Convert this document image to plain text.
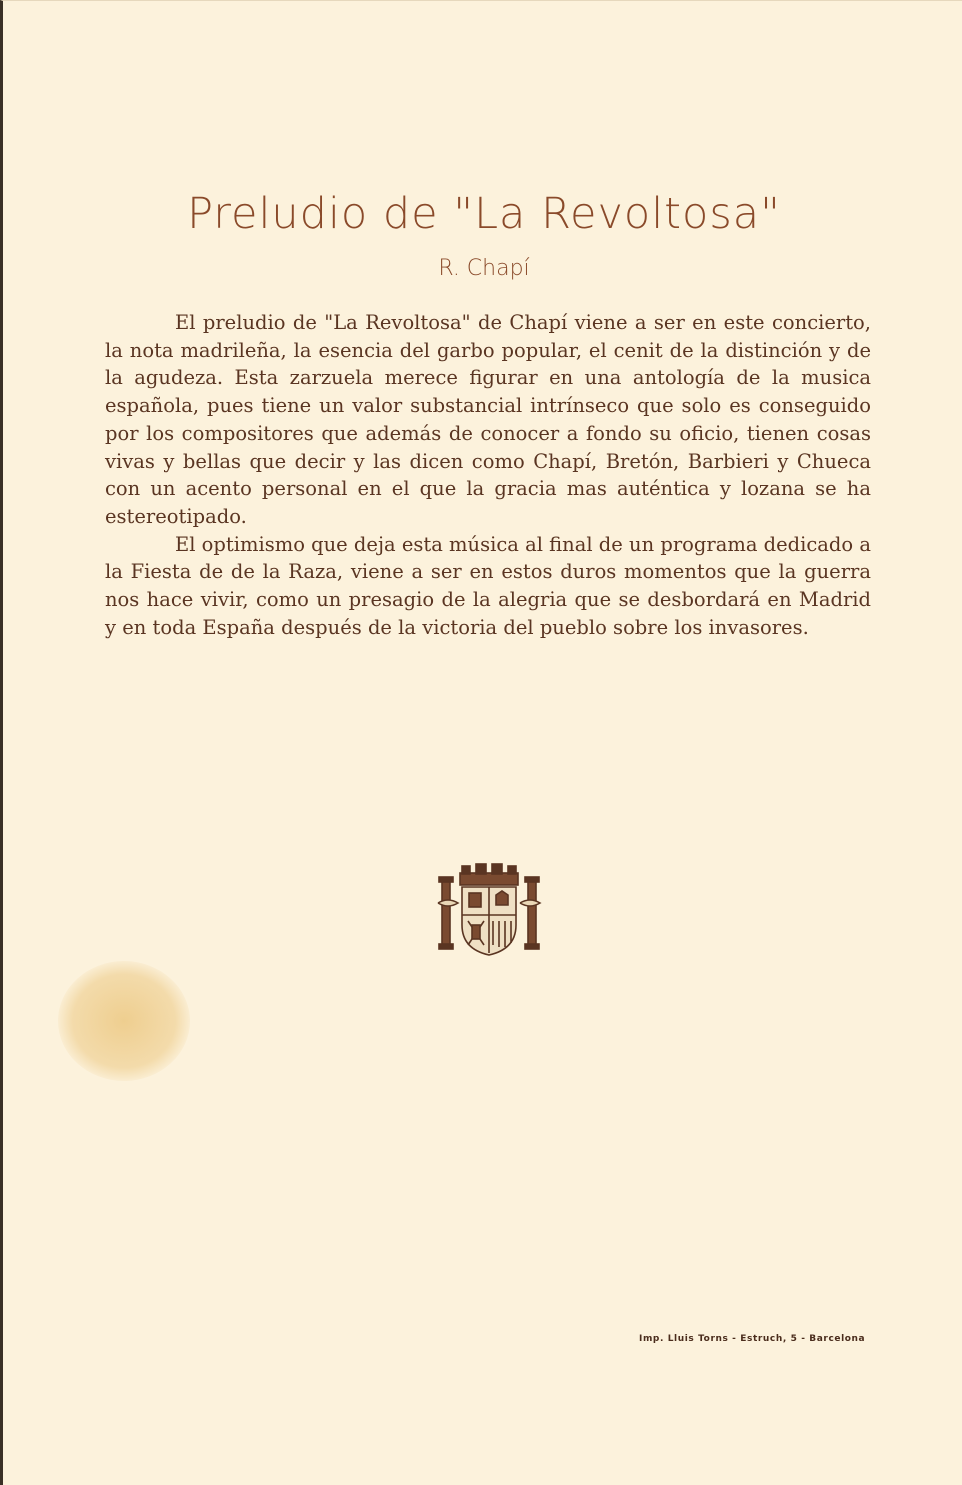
Preludio de "La Revoltosa"
R. Chapí

El preludio de "La Revoltosa" de Chapí viene a ser en este concierto, la nota madrileña, la esencia del garbo popular, el cenit de la distinción y de la agudeza. Esta zarzuela merece figurar en una antología de la musica española, pues tiene un valor substancial intrínseco que solo es conseguido por los compositores que además de conocer a fondo su oficio, tienen cosas vivas y bellas que decir y las dicen como Chapí, Bretón, Barbieri y Chueca con un acento personal en el que la gracia mas auténtica y lozana se ha estereotipado.

El optimismo que deja esta música al final de un programa dedicado a la Fiesta de de la Raza, viene a ser en estos duros momentos que la guerra nos hace vivir, como un presagio de la alegria que se desbordará en Madrid y en toda España después de la victoria del pueblo sobre los invasores.

Imp. Lluis Torns - Estruch, 5 - Barcelona
